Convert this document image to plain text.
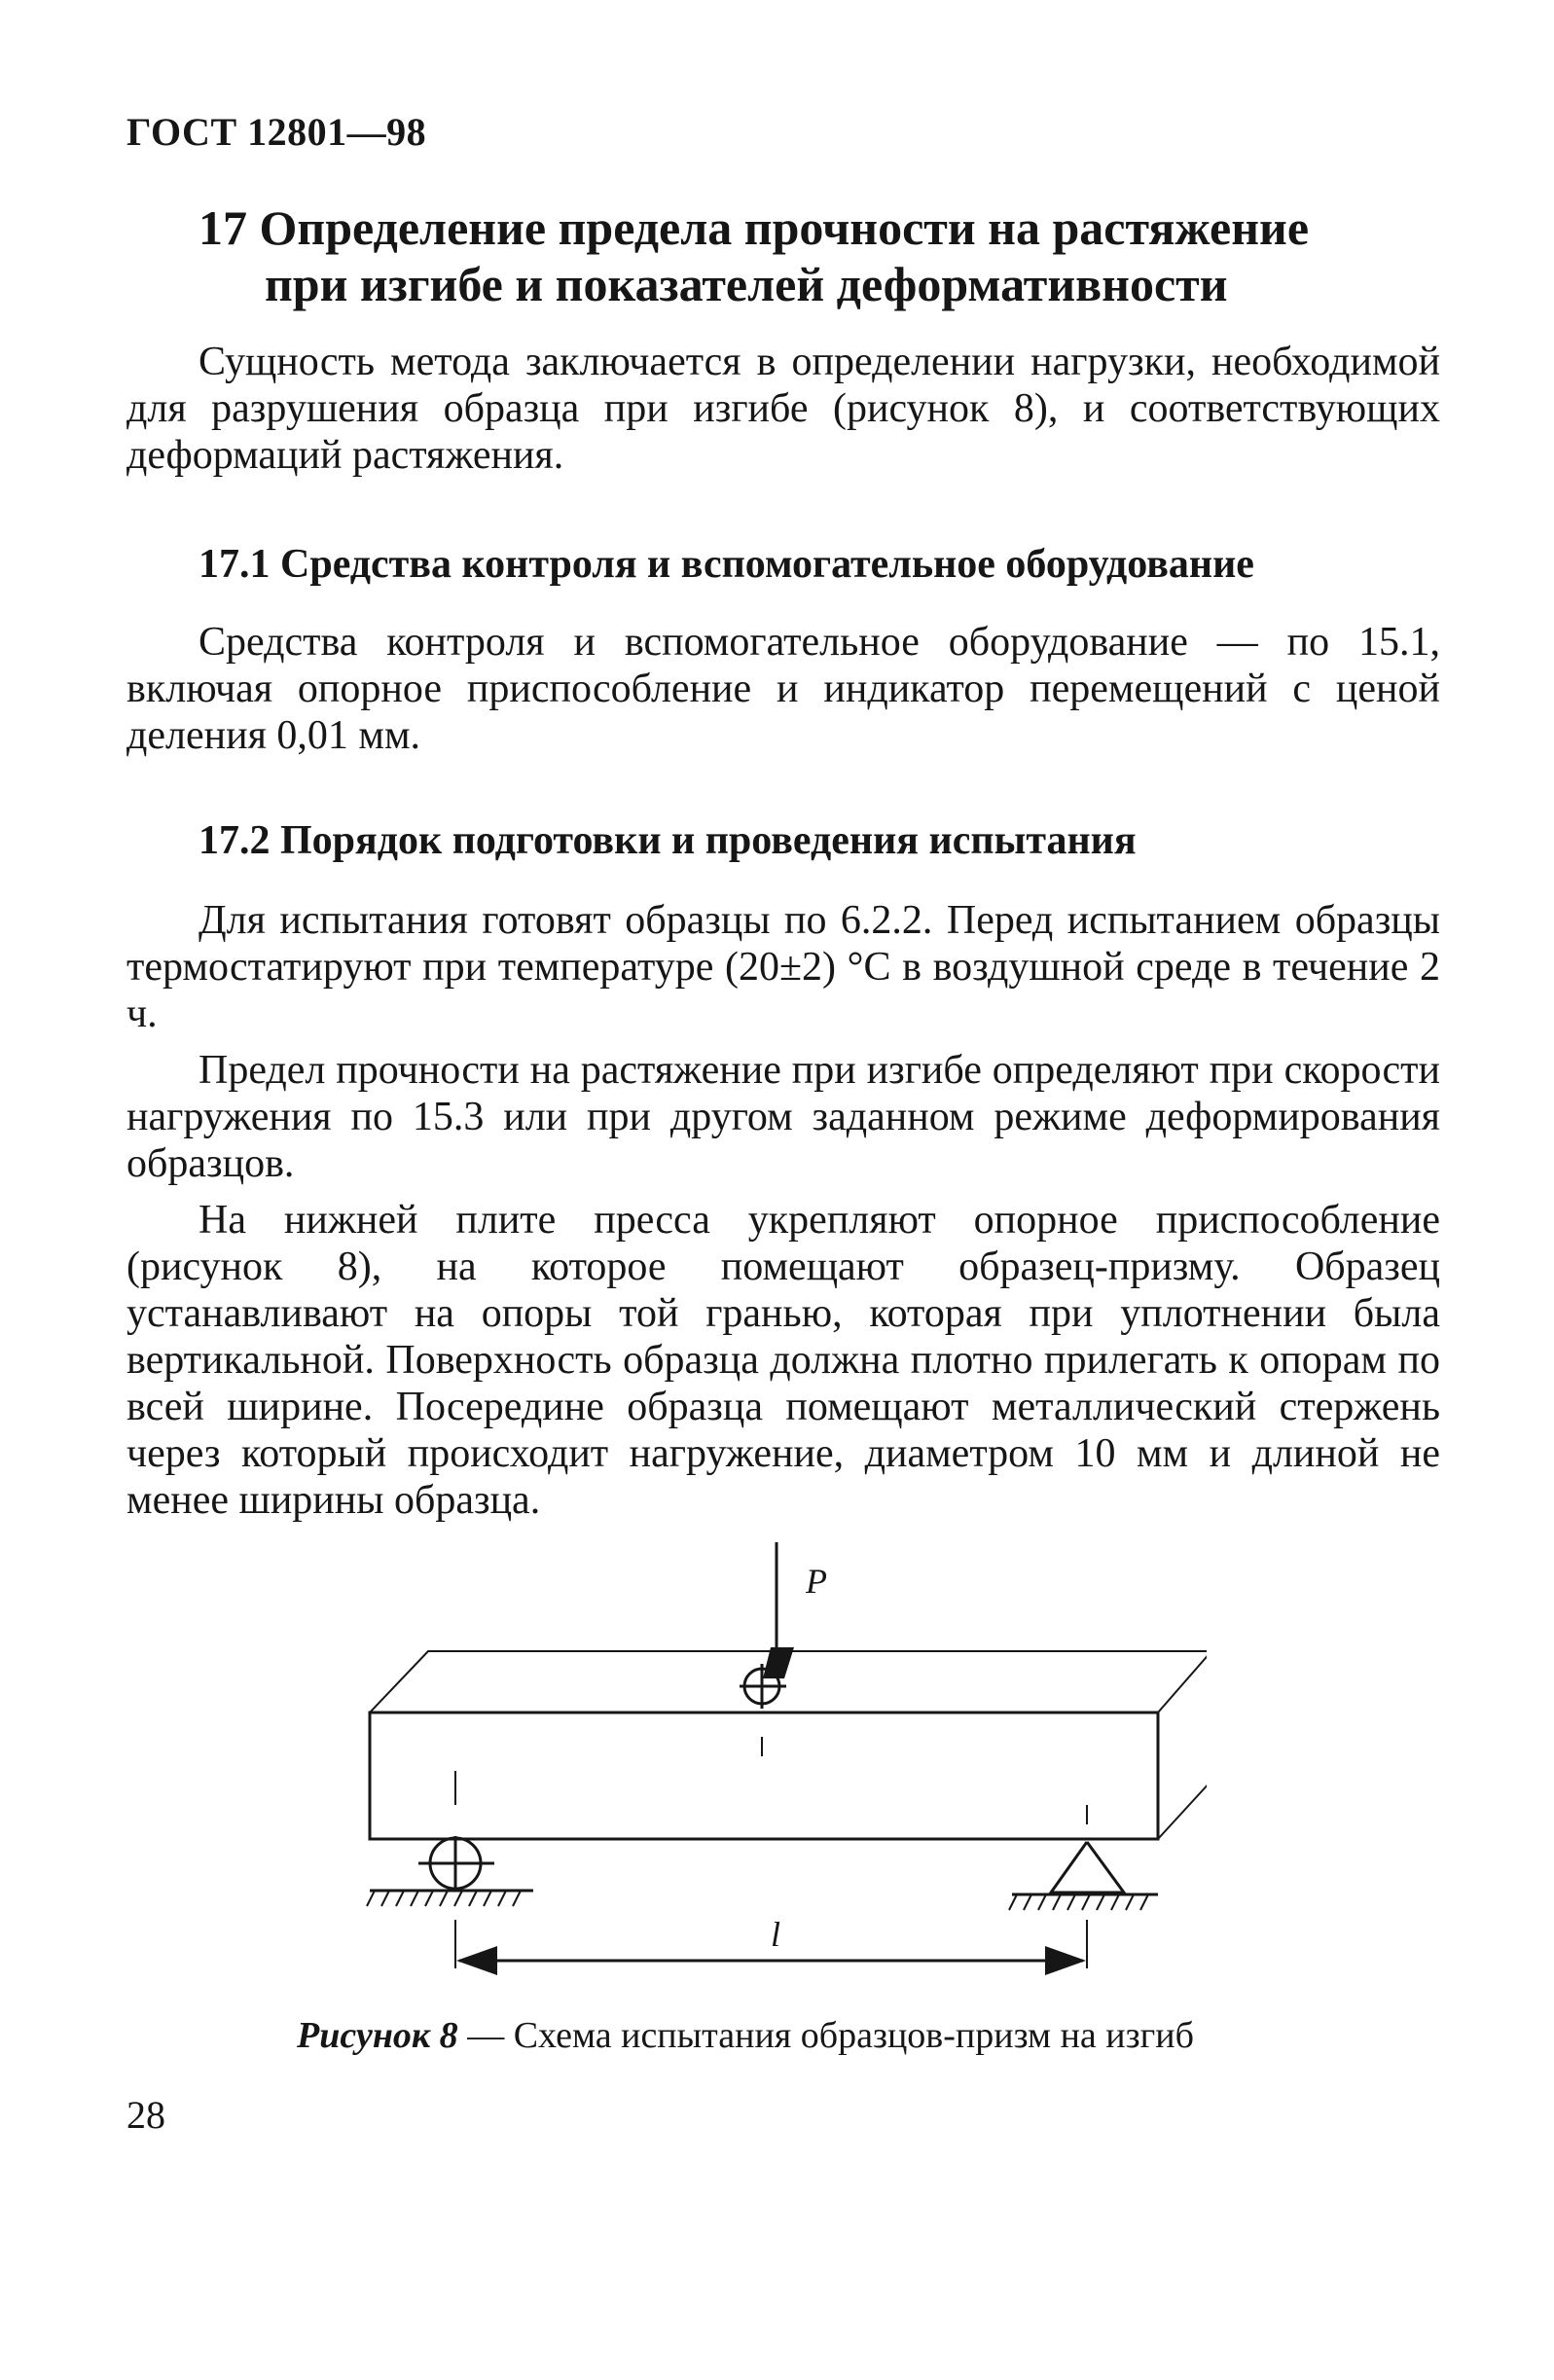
ГОСТ 12801—98
17 Определение предела прочности на растяжение
при изгибе и показателей деформативности

Сущность метода заключается в определении нагрузки, необходимой для разрушения образца при изгибе (рисунок 8), и соответствующих деформаций растяжения.

17.1 Средства контроля и вспомогательное оборудование

Средства контроля и вспомогательное оборудование — по 15.1, включая опорное приспособление и индикатор перемещений с ценой деления 0,01 мм.

17.2 Порядок подготовки и проведения испытания

Для испытания готовят образцы по 6.2.2. Перед испытанием образцы термостатируют при температуре (20±2) °С в воздушной среде в течение 2 ч.

Предел прочности на растяжение при изгибе определяют при скорости нагружения по 15.3 или при другом заданном режиме деформирования образцов.

На нижней плите пресса укрепляют опорное приспособление (рисунок 8), на которое помещают образец-призму. Образец устанавливают на опоры той гранью, которая при уплотнении была вертикальной. Поверхность образца должна плотно прилегать к опорам по всей ширине. Посередине образца помещают металлический стержень через который происходит нагружение, диаметром 10 мм и длиной не менее ширины образца.

P
l
Рисунок 8 — Схема испытания образцов-призм на изгиб
28
